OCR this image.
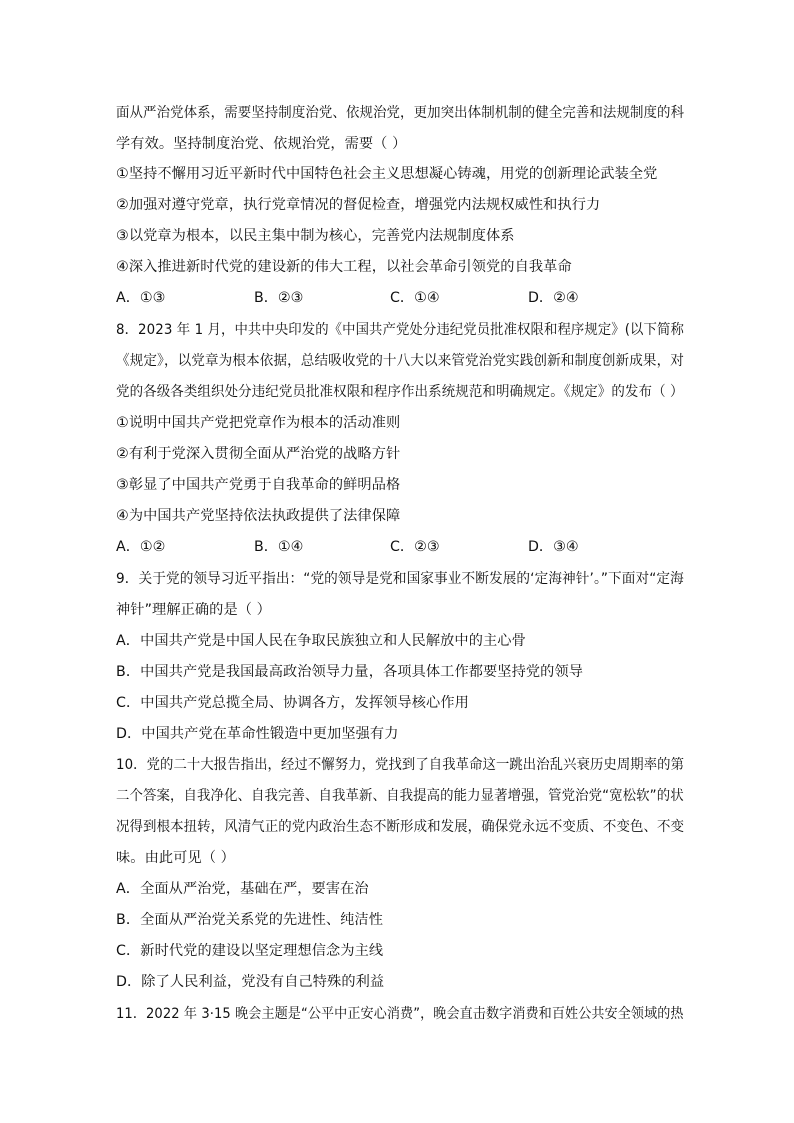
面从严治党体系，需要坚持制度治党、依规治党，更加突出体制机制的健全完善和法规制度的科
学有效。坚持制度治党、依规治党，需要（ ）
①坚持不懈用习近平新时代中国特色社会主义思想凝心铸魂，用党的创新理论武装全党
②加强对遵守党章，执行党章情况的督促检查，增强党内法规权威性和执行力
③以党章为根本，以民主集中制为核心，完善党内法规制度体系
④深入推进新时代党的建设新的伟大工程，以社会革命引领党的自我革命
A．①③	B．②③	C．①④	D．②④
8．2023 年 1 月，中共中央印发的《中国共产党处分违纪党员批准权限和程序规定》(以下简称
《规定》，以党章为根本依据，总结吸收党的十八大以来管党治党实践创新和制度创新成果，对
党的各级各类组织处分违纪党员批准权限和程序作出系统规范和明确规定。《规定》的发布（ ）
①说明中国共产党把党章作为根本的活动准则
②有利于党深入贯彻全面从严治党的战略方针
③彰显了中国共产党勇于自我革命的鲜明品格
④为中国共产党坚持依法执政提供了法律保障
A．①②	B．①④	C．②③	D．③④
9．关于党的领导习近平指出：“党的领导是党和国家事业不断发展的‘定海神针’。”下面对“定海
神针”理解正确的是（ ）
A．中国共产党是中国人民在争取民族独立和人民解放中的主心骨
B．中国共产党是我国最高政治领导力量，各项具体工作都要坚持党的领导
C．中国共产党总揽全局、协调各方，发挥领导核心作用
D．中国共产党在革命性锻造中更加坚强有力
10．党的二十大报告指出，经过不懈努力，党找到了自我革命这一跳出治乱兴衰历史周期率的第
二个答案，自我净化、自我完善、自我革新、自我提高的能力显著增强，管党治党“宽松软”的状
况得到根本扭转，风清气正的党内政治生态不断形成和发展，确保党永远不变质、不变色、不变
味。由此可见（ ）
A．全面从严治党，基础在严，要害在治
B．全面从严治党关系党的先进性、纯洁性
C．新时代党的建设以坚定理想信念为主线
D．除了人民利益，党没有自己特殊的利益
11．2022 年 3·15 晚会主题是“公平中正安心消费”，晚会直击数字消费和百姓公共安全领域的热
